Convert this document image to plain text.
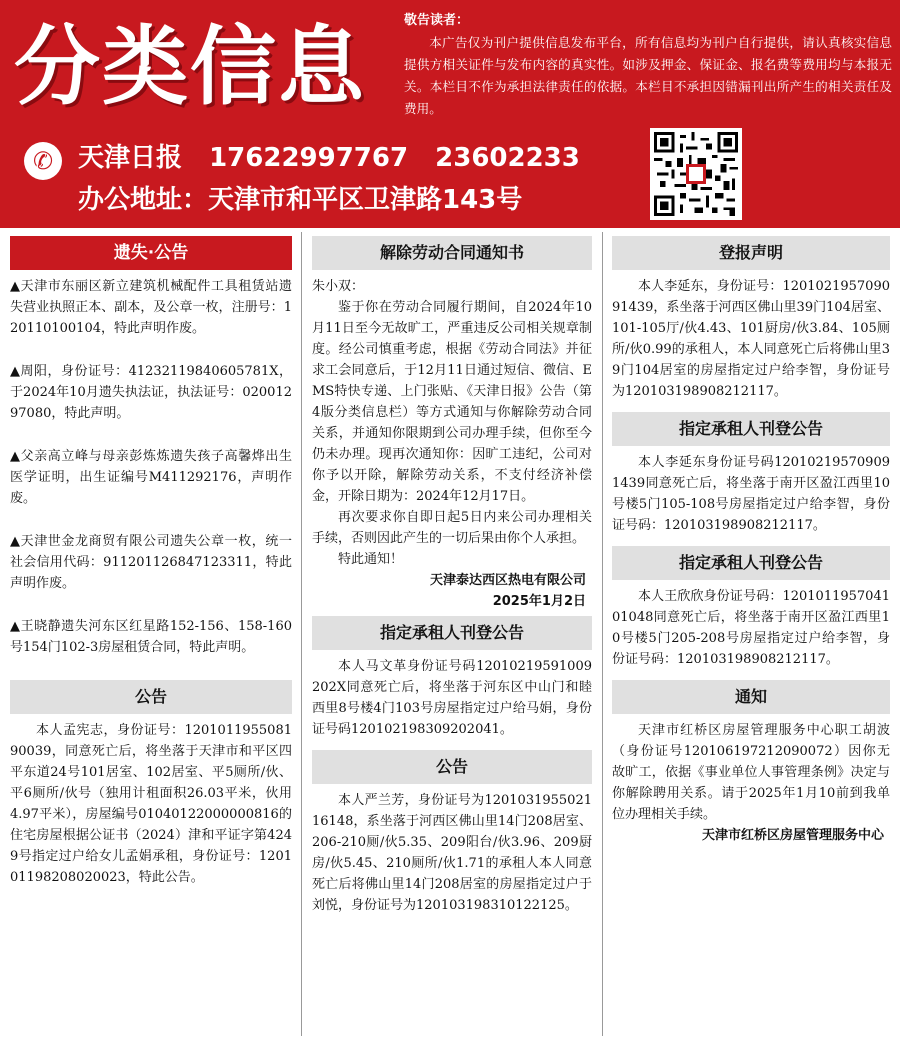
分类信息	敬告读者：
本广告仅为刊户提供信息发布平台，所有信息均为刊户自行提供，请认真核实信息提供方相关证件与发布内容的真实性。如涉及押金、保证金、报名费等费用均与本报无关。本栏目不作为承担法律责任的依据。本栏目不承担因错漏刊出所产生的相关责任及费用。
✆ 天津日报 17622997767 23602233
办公地址：天津市和平区卫津路143号
遗失·公告
▲天津市东丽区新立建筑机械配件工具租赁站遗失营业执照正本、副本，及公章一枚，注册号：120110100104，特此声明作废。
▲周阳，身份证号：41232119840605781X，于2024年10月遗失执法证，执法证号：02001297080，特此声明。
▲父亲高立峰与母亲彭炼炼遗失孩子高馨烨出生医学证明，出生证编号M411292176，声明作废。
▲天津世金龙商贸有限公司遗失公章一枚，统一社会信用代码：911201126847123311，特此声明作废。
▲王晓静遗失河东区红星路152-156、158-160号154门102-3房屋租赁合同，特此声明。
公告
本人孟宪志，身份证号：120101195508190039，同意死亡后，将坐落于天津市和平区四平东道24号101居室、102居室、平5厕所/伙、平6厕所/伙号（独用计租面积26.03平米，伙用4.97平米），房屋编号01040122000000816的住宅房屋根据公证书（2024）津和平证字第4249号指定过户给女儿孟娟承租，身份证号：120101198208020023，特此公告。
解除劳动合同通知书
朱小双：
鉴于你在劳动合同履行期间，自2024年10月11日至今无故旷工，严重违反公司相关规章制度。经公司慎重考虑，根据《劳动合同法》并征求工会同意后，于12月11日通过短信、微信、EMS特快专递、上门张贴、《天津日报》公告（第4版分类信息栏）等方式通知与你解除劳动合同关系，并通知你限期到公司办理手续，但你至今仍未办理。现再次通知你：因旷工违纪，公司对你予以开除，解除劳动关系，不支付经济补偿金，开除日期为：2024年12月17日。
再次要求你自即日起5日内来公司办理相关手续，否则因此产生的一切后果由你个人承担。
特此通知！
天津泰达西区热电有限公司
2025年1月2日
指定承租人刊登公告
本人马文革身份证号码12010219591009202X同意死亡后，将坐落于河东区中山门和睦西里8号楼4门103号房屋指定过户给马娟，身份证号码120102198309202041。
公告
本人严兰芳，身份证号为120103195502116148，系坐落于河西区佛山里14门208居室、206-210厕/伙5.35、209阳台/伙3.96、209厨房/伙5.45、210厕所/伙1.71的承租人本人同意死亡后将佛山里14门208居室的房屋指定过户于刘悦，身份证号为120103198310122125。
登报声明
本人李延东，身份证号：120102195709091439，系坐落于河西区佛山里39门104居室、101-105厅/伙4.43、101厨房/伙3.84、105厕所/伙0.99的承租人，本人同意死亡后将佛山里39门104居室的房屋指定过户给李智，身份证号为120103198908212117。
指定承租人刊登公告
本人李延东身份证号码120102195709091439同意死亡后，将坐落于南开区盈江西里10号楼5门105-108号房屋指定过户给李智，身份证号码：120103198908212117。
指定承租人刊登公告
本人王欣欣身份证号码：120101195704101048同意死亡后，将坐落于南开区盈江西里10号楼5门205-208号房屋指定过户给李智，身份证号码：120103198908212117。
通知
天津市红桥区房屋管理服务中心职工胡波（身份证号120106197212090072）因你无故旷工，依据《事业单位人事管理条例》决定与你解除聘用关系。请于2025年1月10前到我单位办理相关手续。
天津市红桥区房屋管理服务中心
